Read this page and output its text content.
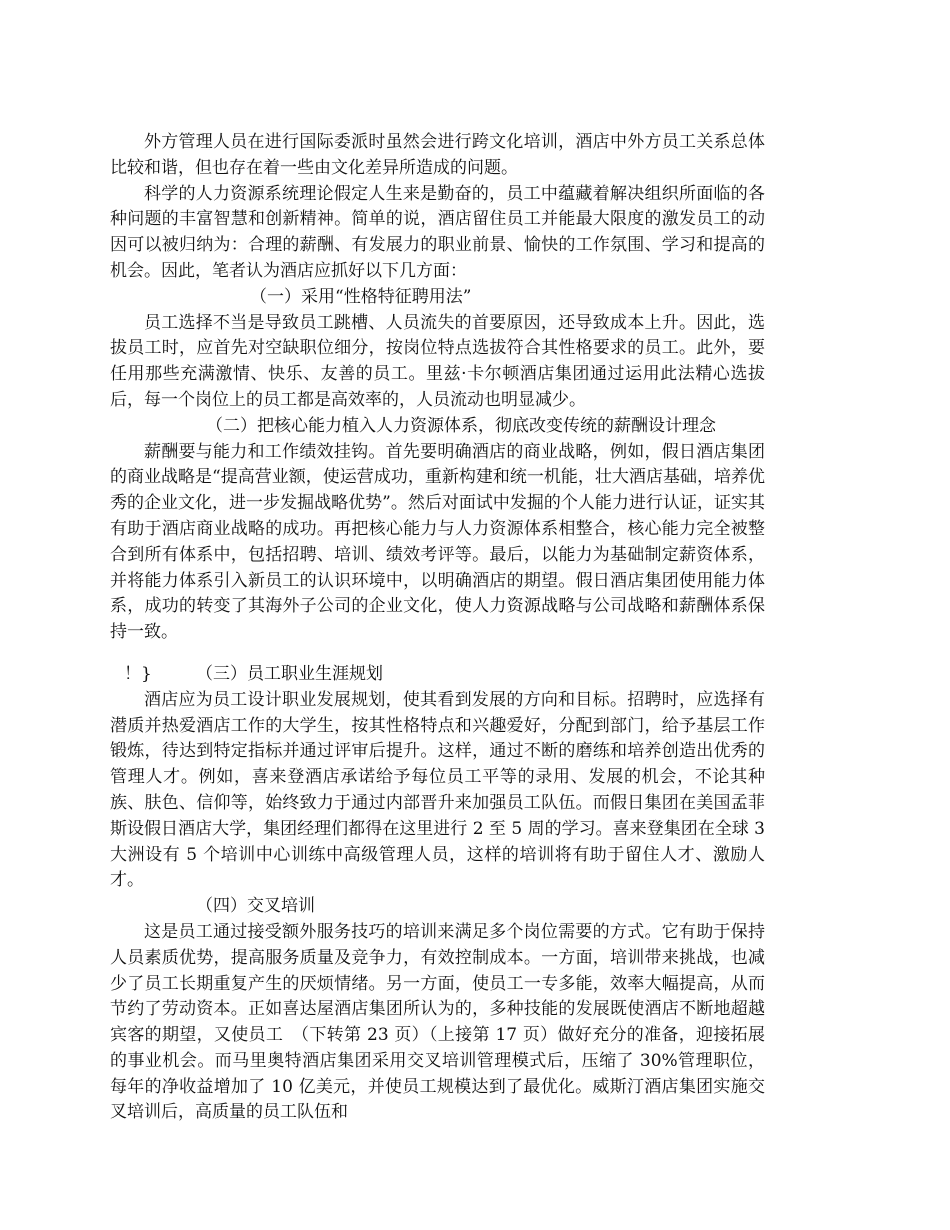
外方管理人员在进行国际委派时虽然会进行跨文化培训，酒店中外方员工关系总体比较和谐，但也存在着一些由文化差异所造成的问题。

科学的人力资源系统理论假定人生来是勤奋的，员工中蕴藏着解决组织所面临的各种问题的丰富智慧和创新精神。简单的说，酒店留住员工并能最大限度的激发员工的动因可以被归纳为：合理的薪酬、有发展力的职业前景、愉快的工作氛围、学习和提高的机会。因此，笔者认为酒店应抓好以下几方面：

（一）采用“性格特征聘用法”

员工选择不当是导致员工跳槽、人员流失的首要原因，还导致成本上升。因此，选拔员工时，应首先对空缺职位细分，按岗位特点选拔符合其性格要求的员工。此外，要任用那些充满激情、快乐、友善的员工。里兹·卡尔顿酒店集团通过运用此法精心选拔后，每一个岗位上的员工都是高效率的，人员流动也明显减少。

（二）把核心能力植入人力资源体系，彻底改变传统的薪酬设计理念

薪酬要与能力和工作绩效挂钩。首先要明确酒店的商业战略，例如，假日酒店集团的商业战略是“提高营业额，使运营成功，重新构建和统一机能，壮大酒店基础，培养优秀的企业文化，进一步发掘战略优势”。然后对面试中发掘的个人能力进行认证，证实其有助于酒店商业战略的成功。再把核心能力与人力资源体系相整合，核心能力完全被整合到所有体系中，包括招聘、培训、绩效考评等。最后，以能力为基础制定薪资体系，并将能力体系引入新员工的认识环境中，以明确酒店的期望。假日酒店集团使用能力体系，成功的转变了其海外子公司的企业文化，使人力资源战略与公司战略和薪酬体系保持一致。

！}	（三）员工职业生涯规划

酒店应为员工设计职业发展规划，使其看到发展的方向和目标。招聘时，应选择有潜质并热爱酒店工作的大学生，按其性格特点和兴趣爱好，分配到部门，给予基层工作锻炼，待达到特定指标并通过评审后提升。这样，通过不断的磨练和培养创造出优秀的管理人才。例如，喜来登酒店承诺给予每位员工平等的录用、发展的机会，不论其种族、肤色、信仰等，始终致力于通过内部晋升来加强员工队伍。而假日集团在美国孟菲斯设假日酒店大学，集团经理们都得在这里进行 2 至 5 周的学习。喜来登集团在全球 3 大洲设有 5 个培训中心训练中高级管理人员，这样的培训将有助于留住人才、激励人才。

（四）交叉培训

这是员工通过接受额外服务技巧的培训来满足多个岗位需要的方式。它有助于保持人员素质优势，提高服务质量及竞争力，有效控制成本。一方面，培训带来挑战，也减少了员工长期重复产生的厌烦情绪。另一方面，使员工一专多能，效率大幅提高，从而节约了劳动资本。正如喜达屋酒店集团所认为的，多种技能的发展既使酒店不断地超越宾客的期望，又使员工　（下转第 23 页）（上接第 17 页）做好充分的准备，迎接拓展的事业机会。而马里奥特酒店集团采用交叉培训管理模式后，压缩了 30%管理职位，每年的净收益增加了 10 亿美元，并使员工规模达到了最优化。威斯汀酒店集团实施交叉培训后，高质量的员工队伍和
